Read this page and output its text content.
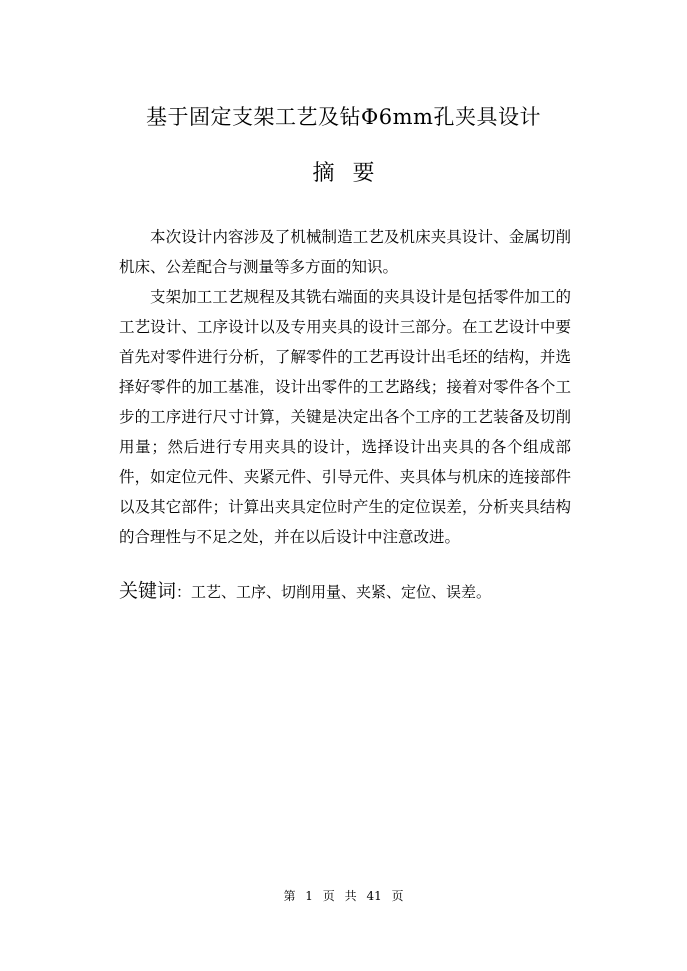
基于固定支架工艺及钻Φ6mm孔夹具设计
摘要

本次设计内容涉及了机械制造工艺及机床夹具设计、金属切削机床、公差配合与测量等多方面的知识。

支架加工工艺规程及其铣右端面的夹具设计是包括零件加工的工艺设计、工序设计以及专用夹具的设计三部分。在工艺设计中要首先对零件进行分析，了解零件的工艺再设计出毛坯的结构，并选择好零件的加工基准，设计出零件的工艺路线；接着对零件各个工步的工序进行尺寸计算，关键是决定出各个工序的工艺装备及切削用量；然后进行专用夹具的设计，选择设计出夹具的各个组成部件，如定位元件、夹紧元件、引导元件、夹具体与机床的连接部件以及其它部件；计算出夹具定位时产生的定位误差，分析夹具结构的合理性与不足之处，并在以后设计中注意改进。

关键词：工艺、工序、切削用量、夹紧、定位、误差。
第 1 页 共 41 页
